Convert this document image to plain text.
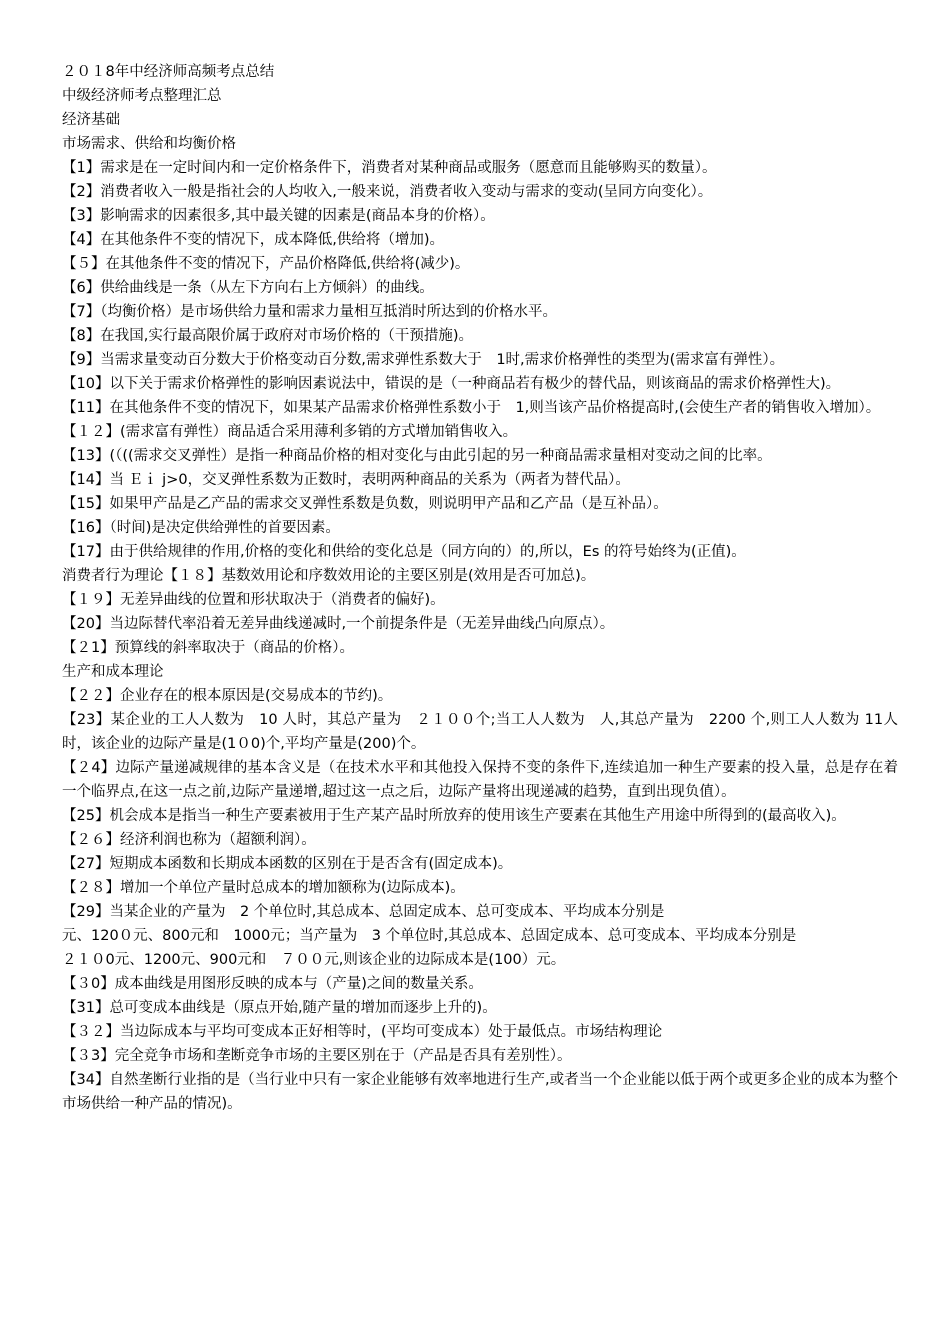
２０１8年中经济师高频考点总结

中级经济师考点整理汇总

经济基础

市场需求、供给和均衡价格

【1】需求是在一定时间内和一定价格条件下，消费者对某种商品或服务（愿意而且能够购买的数量）。

【2】消费者收入一般是指社会的人均收入,一般来说，消费者收入变动与需求的变动(呈同方向变化）。

【3】影响需求的因素很多,其中最关键的因素是(商品本身的价格）。

【4】在其他条件不变的情况下，成本降低,供给将（增加)。

【５】在其他条件不变的情况下，产品价格降低,供给将(减少)。

【6】供给曲线是一条（从左下方向右上方倾斜）的曲线。

【7】（均衡价格）是市场供给力量和需求力量相互抵消时所达到的价格水平。

【8】在我国,实行最高限价属于政府对市场价格的（干预措施)。

【9】当需求量变动百分数大于价格变动百分数,需求弹性系数大于　1时,需求价格弹性的类型为(需求富有弹性）。

【10】以下关于需求价格弹性的影响因素说法中，错误的是（一种商品若有极少的替代品，则该商品的需求价格弹性大)。

【11】在其他条件不变的情况下，如果某产品需求价格弹性系数小于　1,则当该产品价格提高时,(会使生产者的销售收入增加）。

【１２】(需求富有弹性）商品适合采用薄利多销的方式增加销售收入。

【13】(（((需求交叉弹性）是指一种商品价格的相对变化与由此引起的另一种商品需求量相对变动之间的比率。

【14】当 Ｅｉ j>0，交叉弹性系数为正数时，表明两种商品的关系为（两者为替代品）。

【15】如果甲产品是乙产品的需求交叉弹性系数是负数，则说明甲产品和乙产品（是互补品）。

【16】（时间)是决定供给弹性的首要因素。

【17】由于供给规律的作用,价格的变化和供给的变化总是（同方向的）的,所以，Es 的符号始终为(正值)。

消费者行为理论【１８】基数效用论和序数效用论的主要区别是(效用是否可加总)。

【１９】无差异曲线的位置和形状取决于（消费者的偏好)。

【20】当边际替代率沿着无差异曲线递减时,一个前提条件是（无差异曲线凸向原点）。

【２1】预算线的斜率取决于（商品的价格）。

生产和成本理论

【２２】企业存在的根本原因是(交易成本的节约)。

【23】某企业的工人人数为　10 人时，其总产量为　２１００个;当工人人数为　人,其总产量为　2200 个,则工人人数为 11人时，该企业的边际产量是(1０0)个,平均产量是(200)个。

【２4】边际产量递减规律的基本含义是（在技术水平和其他投入保持不变的条件下,连续追加一种生产要素的投入量，总是存在着一个临界点,在这一点之前,边际产量递增,超过这一点之后，边际产量将出现递减的趋势，直到出现负值）。

【25】机会成本是指当一种生产要素被用于生产某产品时所放弃的使用该生产要素在其他生产用途中所得到的(最高收入)。

【２６】经济利润也称为（超额利润）。

【27】短期成本函数和长期成本函数的区别在于是否含有(固定成本)。

【２８】增加一个单位产量时总成本的增加额称为(边际成本)。

【29】当某企业的产量为　2 个单位时,其总成本、总固定成本、总可变成本、平均成本分别是

元、120０元、800元和　1000元；当产量为　3 个单位时,其总成本、总固定成本、总可变成本、平均成本分别是

２１０0元、1200元、900元和　７００元,则该企业的边际成本是(100）元。

【３0】成本曲线是用图形反映的成本与（产量)之间的数量关系。

【31】总可变成本曲线是（原点开始,随产量的增加而逐步上升的)。

【３２】当边际成本与平均可变成本正好相等时，(平均可变成本）处于最低点。市场结构理论

【３3】完全竞争市场和垄断竞争市场的主要区别在于（产品是否具有差别性）。

【34】自然垄断行业指的是（当行业中只有一家企业能够有效率地进行生产,或者当一个企业能以低于两个或更多企业的成本为整个市场供给一种产品的情况)。
